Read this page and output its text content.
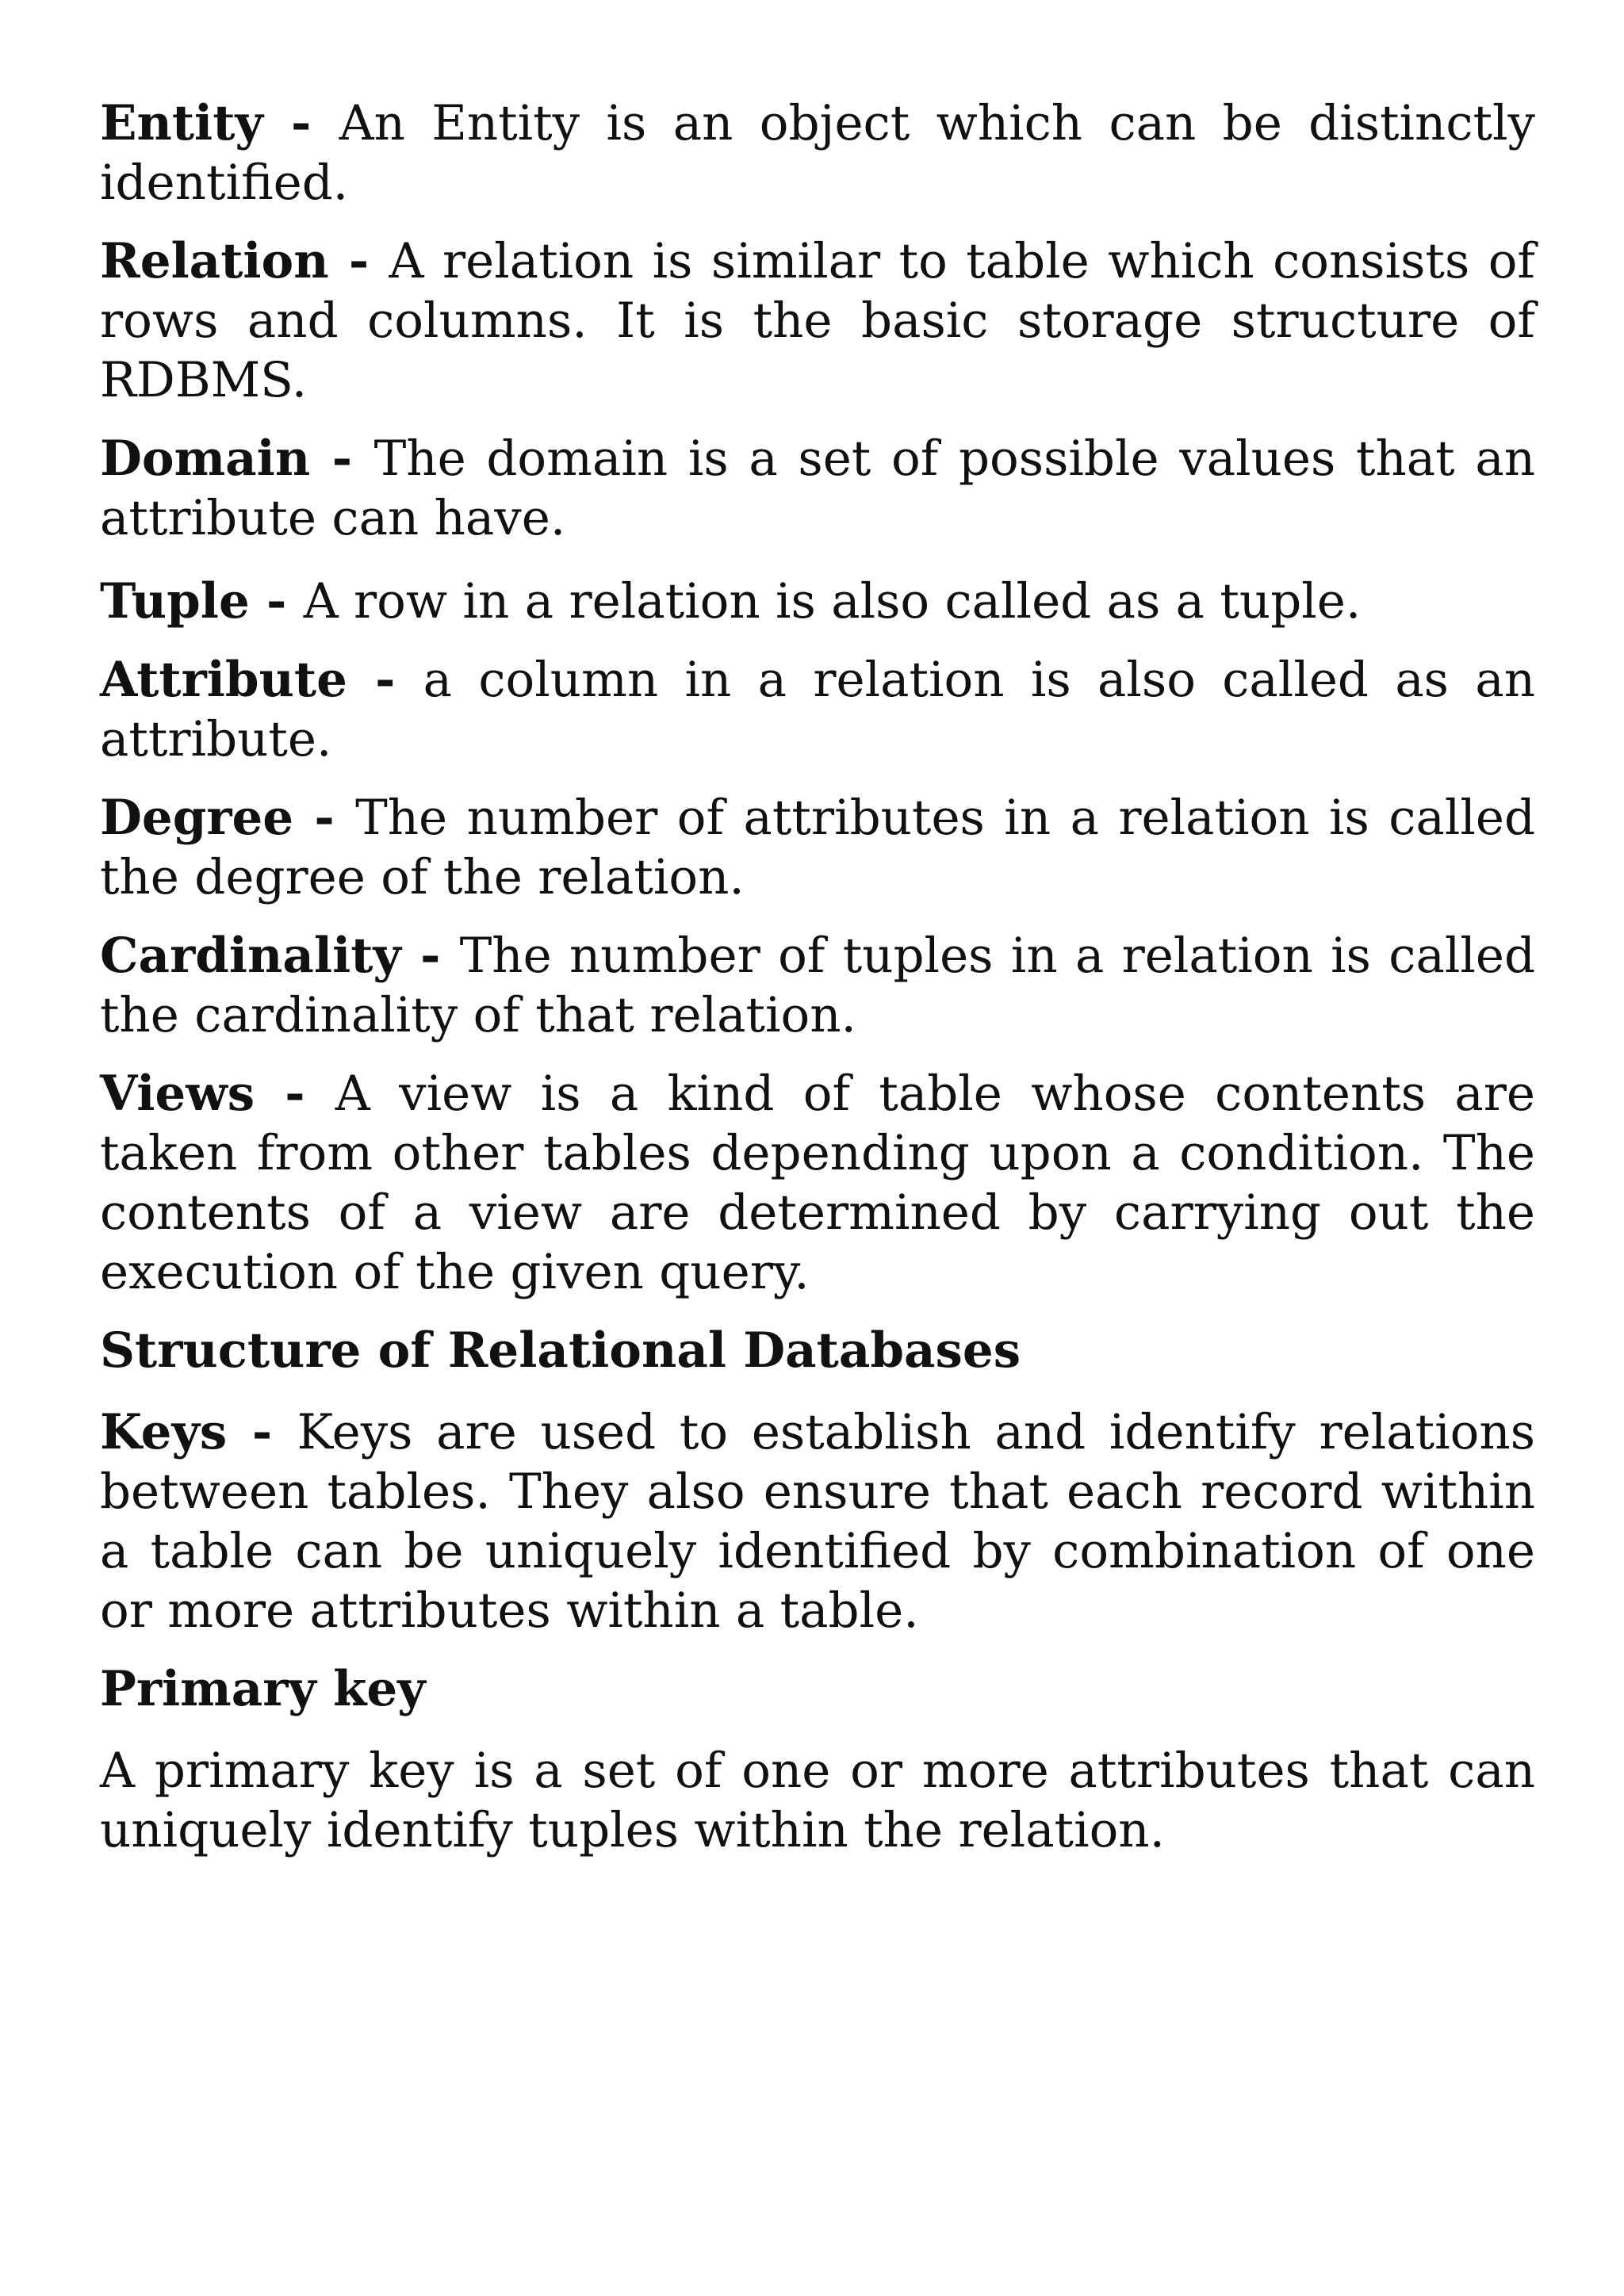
Entity - An Entity is an object which can be distinctly identified.

Relation - A relation is similar to table which consists of rows and columns. It is the basic storage structure of RDBMS.

Domain - The domain is a set of possible values that an attribute can have.

Tuple - A row in a relation is also called as a tuple.

Attribute - a column in a relation is also called as an attribute.

Degree - The number of attributes in a relation is called the degree of the relation.

Cardinality - The number of tuples in a relation is called the cardinality of that relation.

Views - A view is a kind of table whose contents are taken from other tables depending upon a condition. The contents of a view are determined by carrying out the execution of the given query.

Structure of Relational Databases

Keys - Keys are used to establish and identify relations between tables. They also ensure that each record within a table can be uniquely identified by combination of one or more attributes within a table.

Primary key

A primary key is a set of one or more attributes that can uniquely identify tuples within the relation.
